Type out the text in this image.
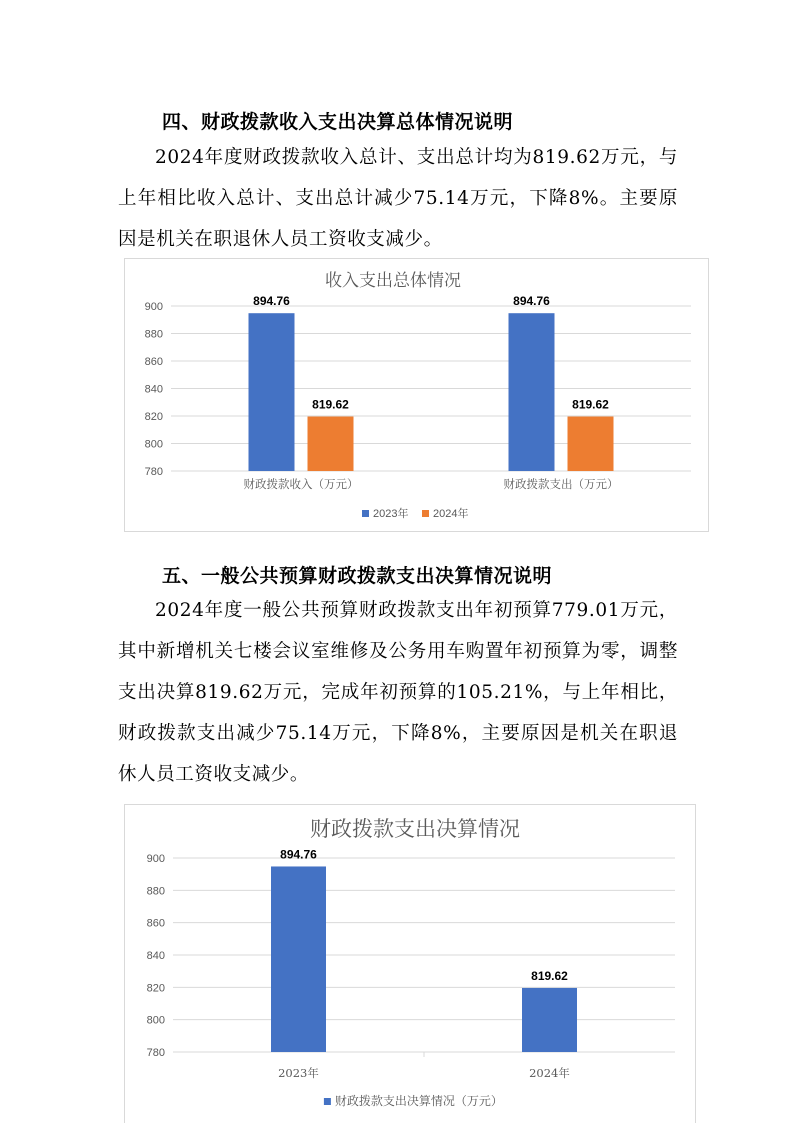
四、财政拨款收入支出决算总体情况说明
2024年度财政拨款收入总计、支出总计均为819.62万元，与上年相比收入总计、支出总计减少75.14万元，下降8%。主要原因是机关在职退休人员工资收支减少。
收入支出总体情况
780
800
820
840
860
880
900	894.76
819.62
财政拨款收入（万元）
894.76
819.62
财政拨款支出（万元）
2023年 2024年
五、一般公共预算财政拨款支出决算情况说明
2024年度一般公共预算财政拨款支出年初预算779.01万元，其中新增机关七楼会议室维修及公务用车购置年初预算为零，调整支出决算819.62万元，完成年初预算的105.21%，与上年相比，财政拨款支出减少75.14万元，下降8%，主要原因是机关在职退休人员工资收支减少。
财政拨款支出决算情况
780
800
820
840
860
880
900	894.76
2023年
819.62
2024年
财政拨款支出决算情况（万元）
